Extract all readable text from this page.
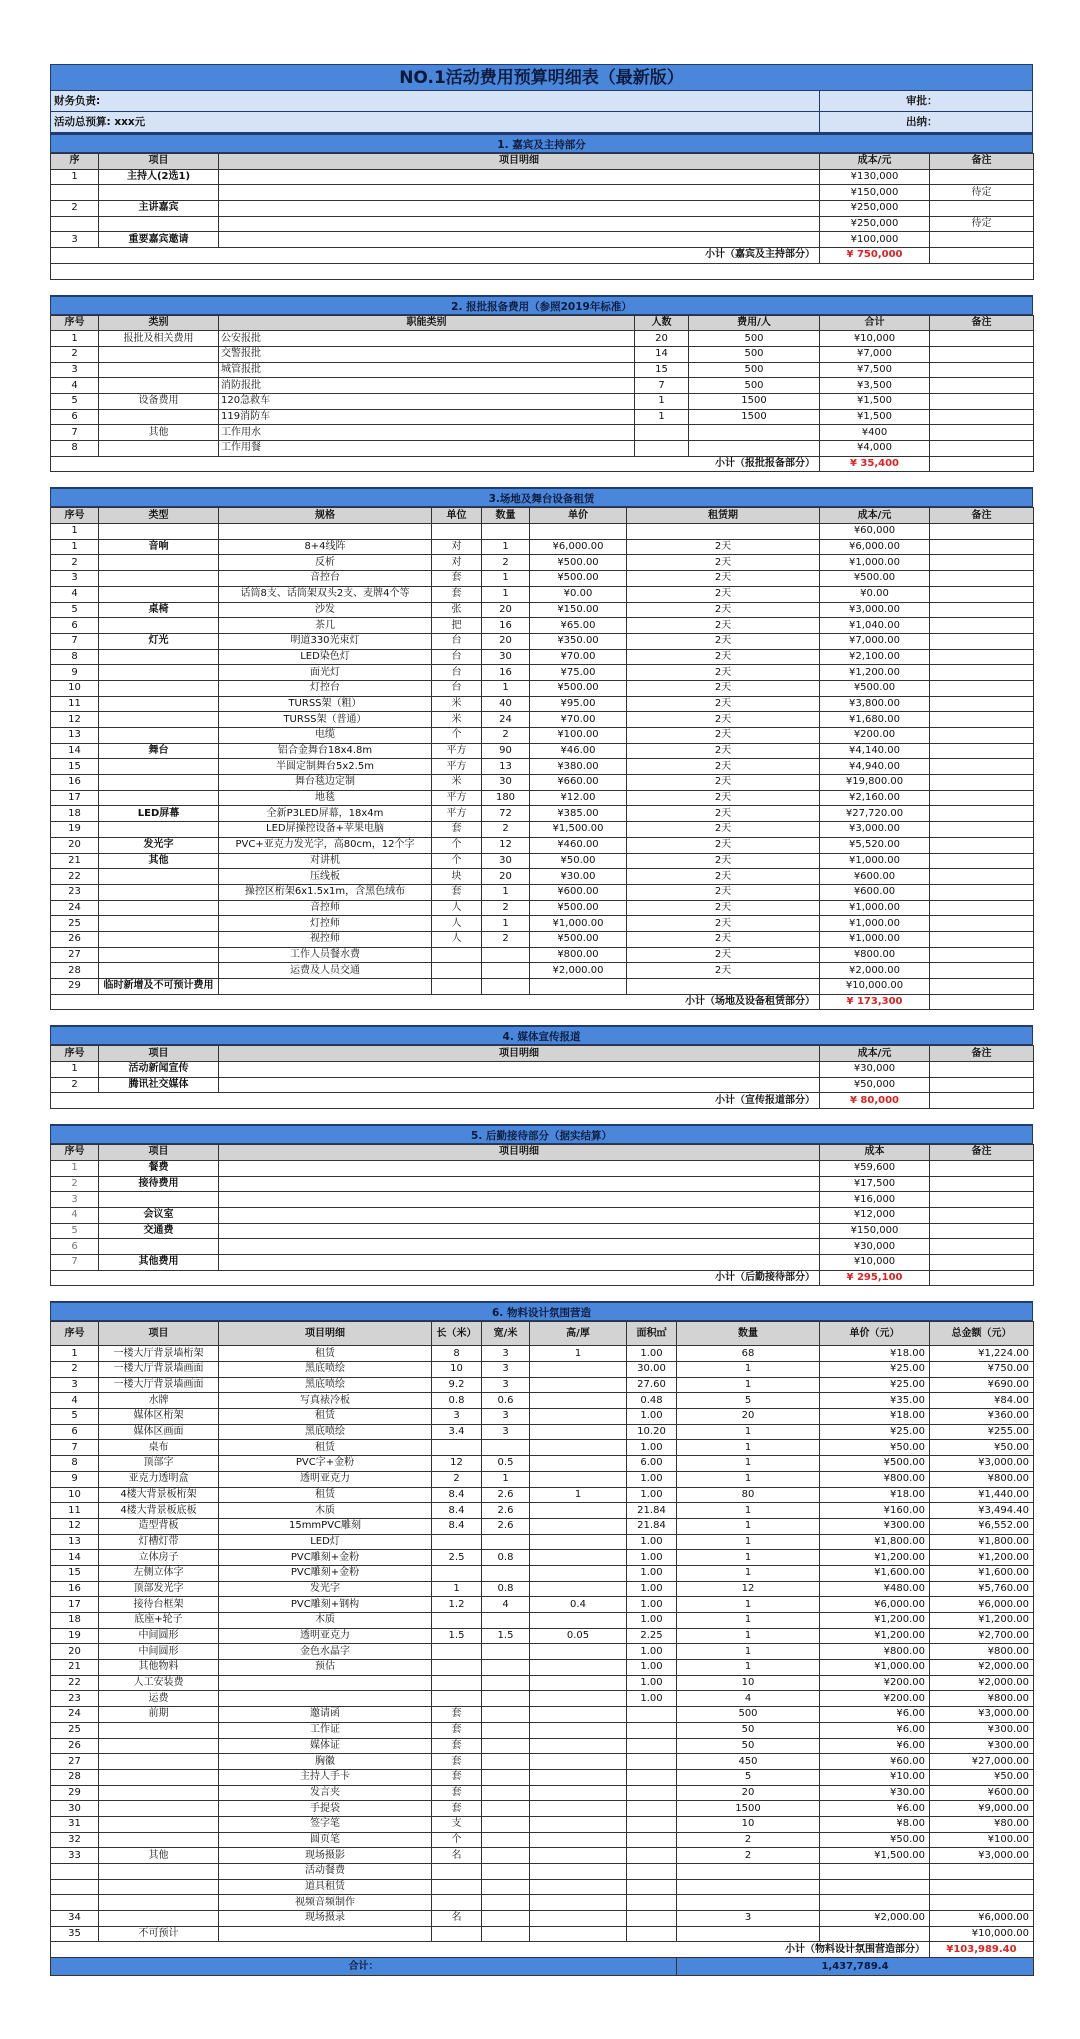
NO.1活动费用预算明细表（最新版）
财务负责:	审批：
活动总预算: xxx元	出纳：
1. 嘉宾及主持部分
序	项目	项目明细	成本/元	备注
1	主持人(2选1)		¥130,000	
			¥150,000	待定
2	主讲嘉宾		¥250,000	
			¥250,000	待定
3	重要嘉宾邀请		¥100,000	
小计（嘉宾及主持部分）			¥ 750,000	

2. 报批报备费用（参照2019年标准）
序号	类别	职能类别	人数	费用/人	合计	备注
1	报批及相关费用	公安报批	20	500	¥10,000	
2		交警报批	14	500	¥7,000	
3		城管报批	15	500	¥7,500	
4		消防报批	7	500	¥3,500	
5	设备费用	120急救车	1	1500	¥1,500	
6		119消防车	1	1500	¥1,500	
7	其他	工作用水			¥400	
8		工作用餐			¥4,000	
小计（报批报备部分）					¥ 35,400	
3.场地及舞台设备租赁
序号	类型	规格	单位	数量	单价	租赁期	成本/元	备注
1							¥60,000	
1	音响	8+4线阵	对	1	¥6,000.00	2天	¥6,000.00	
2		反析	对	2	¥500.00	2天	¥1,000.00	
3		音控台	套	1	¥500.00	2天	¥500.00	
4		话筒8支、话筒架双头2支、麦牌4个等	套	1	¥0.00	2天	¥0.00	
5	桌椅	沙发	张	20	¥150.00	2天	¥3,000.00	
6		茶几	把	16	¥65.00	2天	¥1,040.00	
7	灯光	明道330光束灯	台	20	¥350.00	2天	¥7,000.00	
8		LED染色灯	台	30	¥70.00	2天	¥2,100.00	
9		面光灯	台	16	¥75.00	2天	¥1,200.00	
10		灯控台	台	1	¥500.00	2天	¥500.00	
11		TURSS架（粗）	米	40	¥95.00	2天	¥3,800.00	
12		TURSS架（普通）	米	24	¥70.00	2天	¥1,680.00	
13		电缆	个	2	¥100.00	2天	¥200.00	
14	舞台	铝合金舞台18x4.8m	平方	90	¥46.00	2天	¥4,140.00	
15		半圆定制舞台5x2.5m	平方	13	¥380.00	2天	¥4,940.00	
16		舞台毯边定制	米	30	¥660.00	2天	¥19,800.00	
17		地毯	平方	180	¥12.00	2天	¥2,160.00	
18	LED屏幕	全新P3LED屏幕，18x4m	平方	72	¥385.00	2天	¥27,720.00	
19		LED屏操控设备+苹果电脑	套	2	¥1,500.00	2天	¥3,000.00	
20	发光字	PVC+亚克力发光字，高80cm，12个字	个	12	¥460.00	2天	¥5,520.00	
21	其他	对讲机	个	30	¥50.00	2天	¥1,000.00	
22		压线板	块	20	¥30.00	2天	¥600.00	
23		操控区桁架6x1.5x1m，含黑色绒布	套	1	¥600.00	2天	¥600.00	
24		音控师	人	2	¥500.00	2天	¥1,000.00	
25		灯控师	人	1	¥1,000.00	2天	¥1,000.00	
26		视控师	人	2	¥500.00	2天	¥1,000.00	
27		工作人员餐水费			¥800.00	2天	¥800.00	
28		运费及人员交通			¥2,000.00	2天	¥2,000.00	
29	临时新增及不可预计费用						¥10,000.00	
小计（场地及设备租赁部分）							¥ 173,300	
4. 媒体宣传报道
序号	项目	项目明细	成本/元	备注
1	活动新闻宣传		¥30,000	
2	腾讯社交媒体		¥50,000	
小计（宣传报道部分）			¥ 80,000	
5. 后勤接待部分（据实结算）
序号	项目	项目明细	成本	备注
1	餐费		¥59,600	
2	接待费用		¥17,500	
3			¥16,000	
4	会议室		¥12,000	
5	交通费		¥150,000	
6			¥30,000	
7	其他费用		¥10,000	
小计（后勤接待部分）			¥ 295,100	
6. 物料设计氛围营造
序号	项目	项目明细	长（米）	宽/米	高/厚	面积㎡	数量	单价（元）	总金额（元）
1	一楼大厅背景墙桁架	租赁	8	3	1	1.00	68	¥18.00	¥1,224.00
2	一楼大厅背景墙画面	黑底喷绘	10	3		30.00	1	¥25.00	¥750.00
3	一楼大厅背景墙画面	黑底喷绘	9.2	3		27.60	1	¥25.00	¥690.00
4	水牌	写真裱冷板	0.8	0.6		0.48	5	¥35.00	¥84.00
5	媒体区桁架	租赁	3	3		1.00	20	¥18.00	¥360.00
6	媒体区画面	黑底喷绘	3.4	3		10.20	1	¥25.00	¥255.00
7	桌布	租赁				1.00	1	¥50.00	¥50.00
8	顶部字	PVC字+金粉	12	0.5		6.00	1	¥500.00	¥3,000.00
9	亚克力透明盒	透明亚克力	2	1		1.00	1	¥800.00	¥800.00
10	4楼大背景板桁架	租赁	8.4	2.6	1	1.00	80	¥18.00	¥1,440.00
11	4楼大背景板底板	木质	8.4	2.6		21.84	1	¥160.00	¥3,494.40
12	造型背板	15mmPVC雕刻	8.4	2.6		21.84	1	¥300.00	¥6,552.00
13	灯槽灯带	LED灯				1.00	1	¥1,800.00	¥1,800.00
14	立体房子	PVC雕刻+金粉	2.5	0.8		1.00	1	¥1,200.00	¥1,200.00
15	左侧立体字	PVC雕刻+金粉				1.00	1	¥1,600.00	¥1,600.00
16	顶部发光字	发光字	1	0.8		1.00	12	¥480.00	¥5,760.00
17	接待台框架	PVC雕刻+钢构	1.2	4	0.4	1.00	1	¥6,000.00	¥6,000.00
18	底座+轮子	木质				1.00	1	¥1,200.00	¥1,200.00
19	中间圆形	透明亚克力	1.5	1.5	0.05	2.25	1	¥1,200.00	¥2,700.00
20	中间圆形	金色水晶字				1.00	1	¥800.00	¥800.00
21	其他物料	预估				1.00	1	¥1,000.00	¥2,000.00
22	人工安装费					1.00	10	¥200.00	¥2,000.00
23	运费					1.00	4	¥200.00	¥800.00
24	前期	邀请函	套				500	¥6.00	¥3,000.00
25		工作证	套				50	¥6.00	¥300.00
26		媒体证	套				50	¥6.00	¥300.00
27		胸徽	套				450	¥60.00	¥27,000.00
28		主持人手卡	套				5	¥10.00	¥50.00
29		发言夹	套				20	¥30.00	¥600.00
30		手提袋	套				1500	¥6.00	¥9,000.00
31		签字笔	支				10	¥8.00	¥80.00
32		圆页笔	个				2	¥50.00	¥100.00
33	其他	现场摄影	名				2	¥1,500.00	¥3,000.00
		活动餐费							
		道具租赁							
		视频音频制作							
34		现场摄录	名				3	¥2,000.00	¥6,000.00
35	不可预计								¥10,000.00
小计（物料设计氛围营造部分）									¥103,989.40
合计：							1,437,789.4		
